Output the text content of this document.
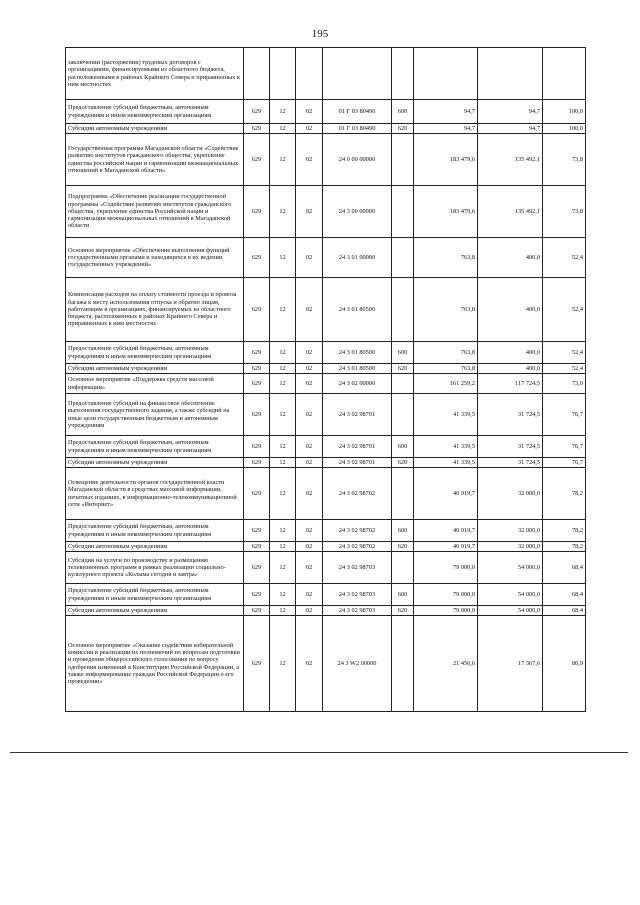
195
заключении (расторжении) трудовых договоров с организациями, финансируемыми из областного бюджета, расположенными в районах Крайнего Севера и приравненных к ним местностях								
Предоставление субсидий бюджетным, автономным учреждениям и иным некоммерческим организациям	629	12	02	01 Г 03 80490	600	94,7	94,7	100,0
Субсидии автономным учреждениям	629	12	02	01 Г 03 80490	620	94,7	94,7	100,0
Государственная программа Магаданской области «Содействие развитию институтов гражданского общества, укрепление единства российской нации и гармонизации межнациональных отношений в Магаданской области»	629	12	02	24 0 00 00000		183 479,6	135 492,1	73,8
Подпрограмма «Обеспечение реализации государственной программы «Содействие развитию институтов гражданского общества, укрепление единства Российской нации и гармонизации межнациональных отношений в Магаданской области	629	12	02	24 3 00 00000		183 479,6	135 492,1	73,8
Основное мероприятие «Обеспечение выполнения функций государственными органами и находящихся в их ведении государственных учреждений»	629	12	02	24 3 01 00000		763,8	400,0	52,4
Компенсация расходов на оплату стоимости проезда и провоза багажа к месту использования отпуска и обратно лицам, работающим в организациях, финансируемых из областного бюджета, расположенных в районах Крайнего Севера и приравненных к ним местностях	629	12	02	24 3 01 80500		763,8	400,0	52,4
Предоставление субсидий бюджетным, автономным учреждениям и иным некоммерческим организациям	629	12	02	24 3 01 80500	600	763,8	400,0	52,4
Субсидии автономным учреждениям	629	12	02	24 3 01 80500	620	763,8	400,0	52,4
Основное мероприятие «Поддержка средств массовой информации»	629	12	02	24 3 02 00000		161 259,2	117 724,5	73,0
Предоставление субсидий на финансовое обеспечение выполнения государственного задания, а также субсидий на иные цели государственным бюджетным и автономным учреждениям	629	12	02	24 3 02 98701		41 339,5	31 724,5	76,7
Предоставление субсидий бюджетным, автономным учреждениям и иным некоммерческим организациям	629	12	02	24 3 02 98701	600	41 339,5	31 724,5	76,7
Субсидии автономным учреждениям	629	12	02	24 3 02 98701	620	41 339,5	31 724,5	76,7
Освещение деятельности органов государственной власти Магаданской области в средствах массовой информации, печатных изданиях, в информационно-телекоммуникационной сети «Интернет»	629	12	02	24 3 02 98702		40 919,7	32 000,0	78,2
Предоставление субсидий бюджетным, автономным учреждениям и иным некоммерческим организациям	629	12	02	24 3 02 98702	600	40 919,7	32 000,0	78,2
Субсидии автономным учреждениям	629	12	02	24 3 02 98702	620	40 919,7	32 000,0	78,2
Субсидии на услуги по производству и размещению телевизионных программ в рамках реализации социально-культурного проекта «Колыма сегодня и завтра»	629	12	02	24 3 02 98703		79 000,0	54 000,0	68,4
Предоставление субсидий бюджетным, автономным учреждениям и иным некоммерческим организациям	629	12	02	24 3 02 98703	600	79 000,0	54 000,0	68,4
Субсидии автономным учреждениям	629	12	02	24 3 02 98703	620	79 000,0	54 000,0	68,4
Основное мероприятие «Оказание содействия избирательной комиссии в реализации их полномочий по вопросам подготовки и проведения общероссийского голосования по вопросу одобрения изменений в Конституцию Российской Федерации, а также информирование граждан Российской Федерации о его проведении»	629	12	02	24 3 W2 00000		21 456,6	17 367,6	80,9
